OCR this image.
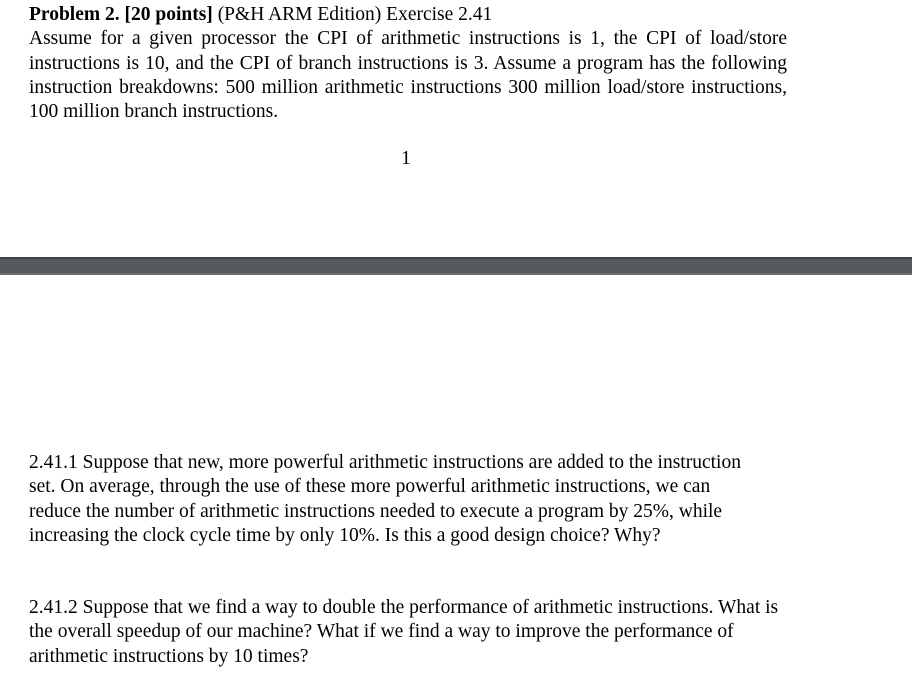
Problem 2. [20 points] (P&H ARM Edition) Exercise 2.41
Assume for a given processor the CPI of arithmetic instructions is 1, the CPI of load/store instructions is 10, and the CPI of branch instructions is 3. Assume a program has the following instruction breakdowns: 500 million arithmetic instructions 300 million load/store instructions, 100 million branch instructions.
1
2.41.1 Suppose that new, more powerful arithmetic instructions are added to the instruction set. On average, through the use of these more powerful arithmetic instructions, we can reduce the number of arithmetic instructions needed to execute a program by 25%, while increasing the clock cycle time by only 10%. Is this a good design choice? Why?
2.41.2 Suppose that we find a way to double the performance of arithmetic instructions. What is the overall speedup of our machine? What if we find a way to improve the performance of arithmetic instructions by 10 times?
